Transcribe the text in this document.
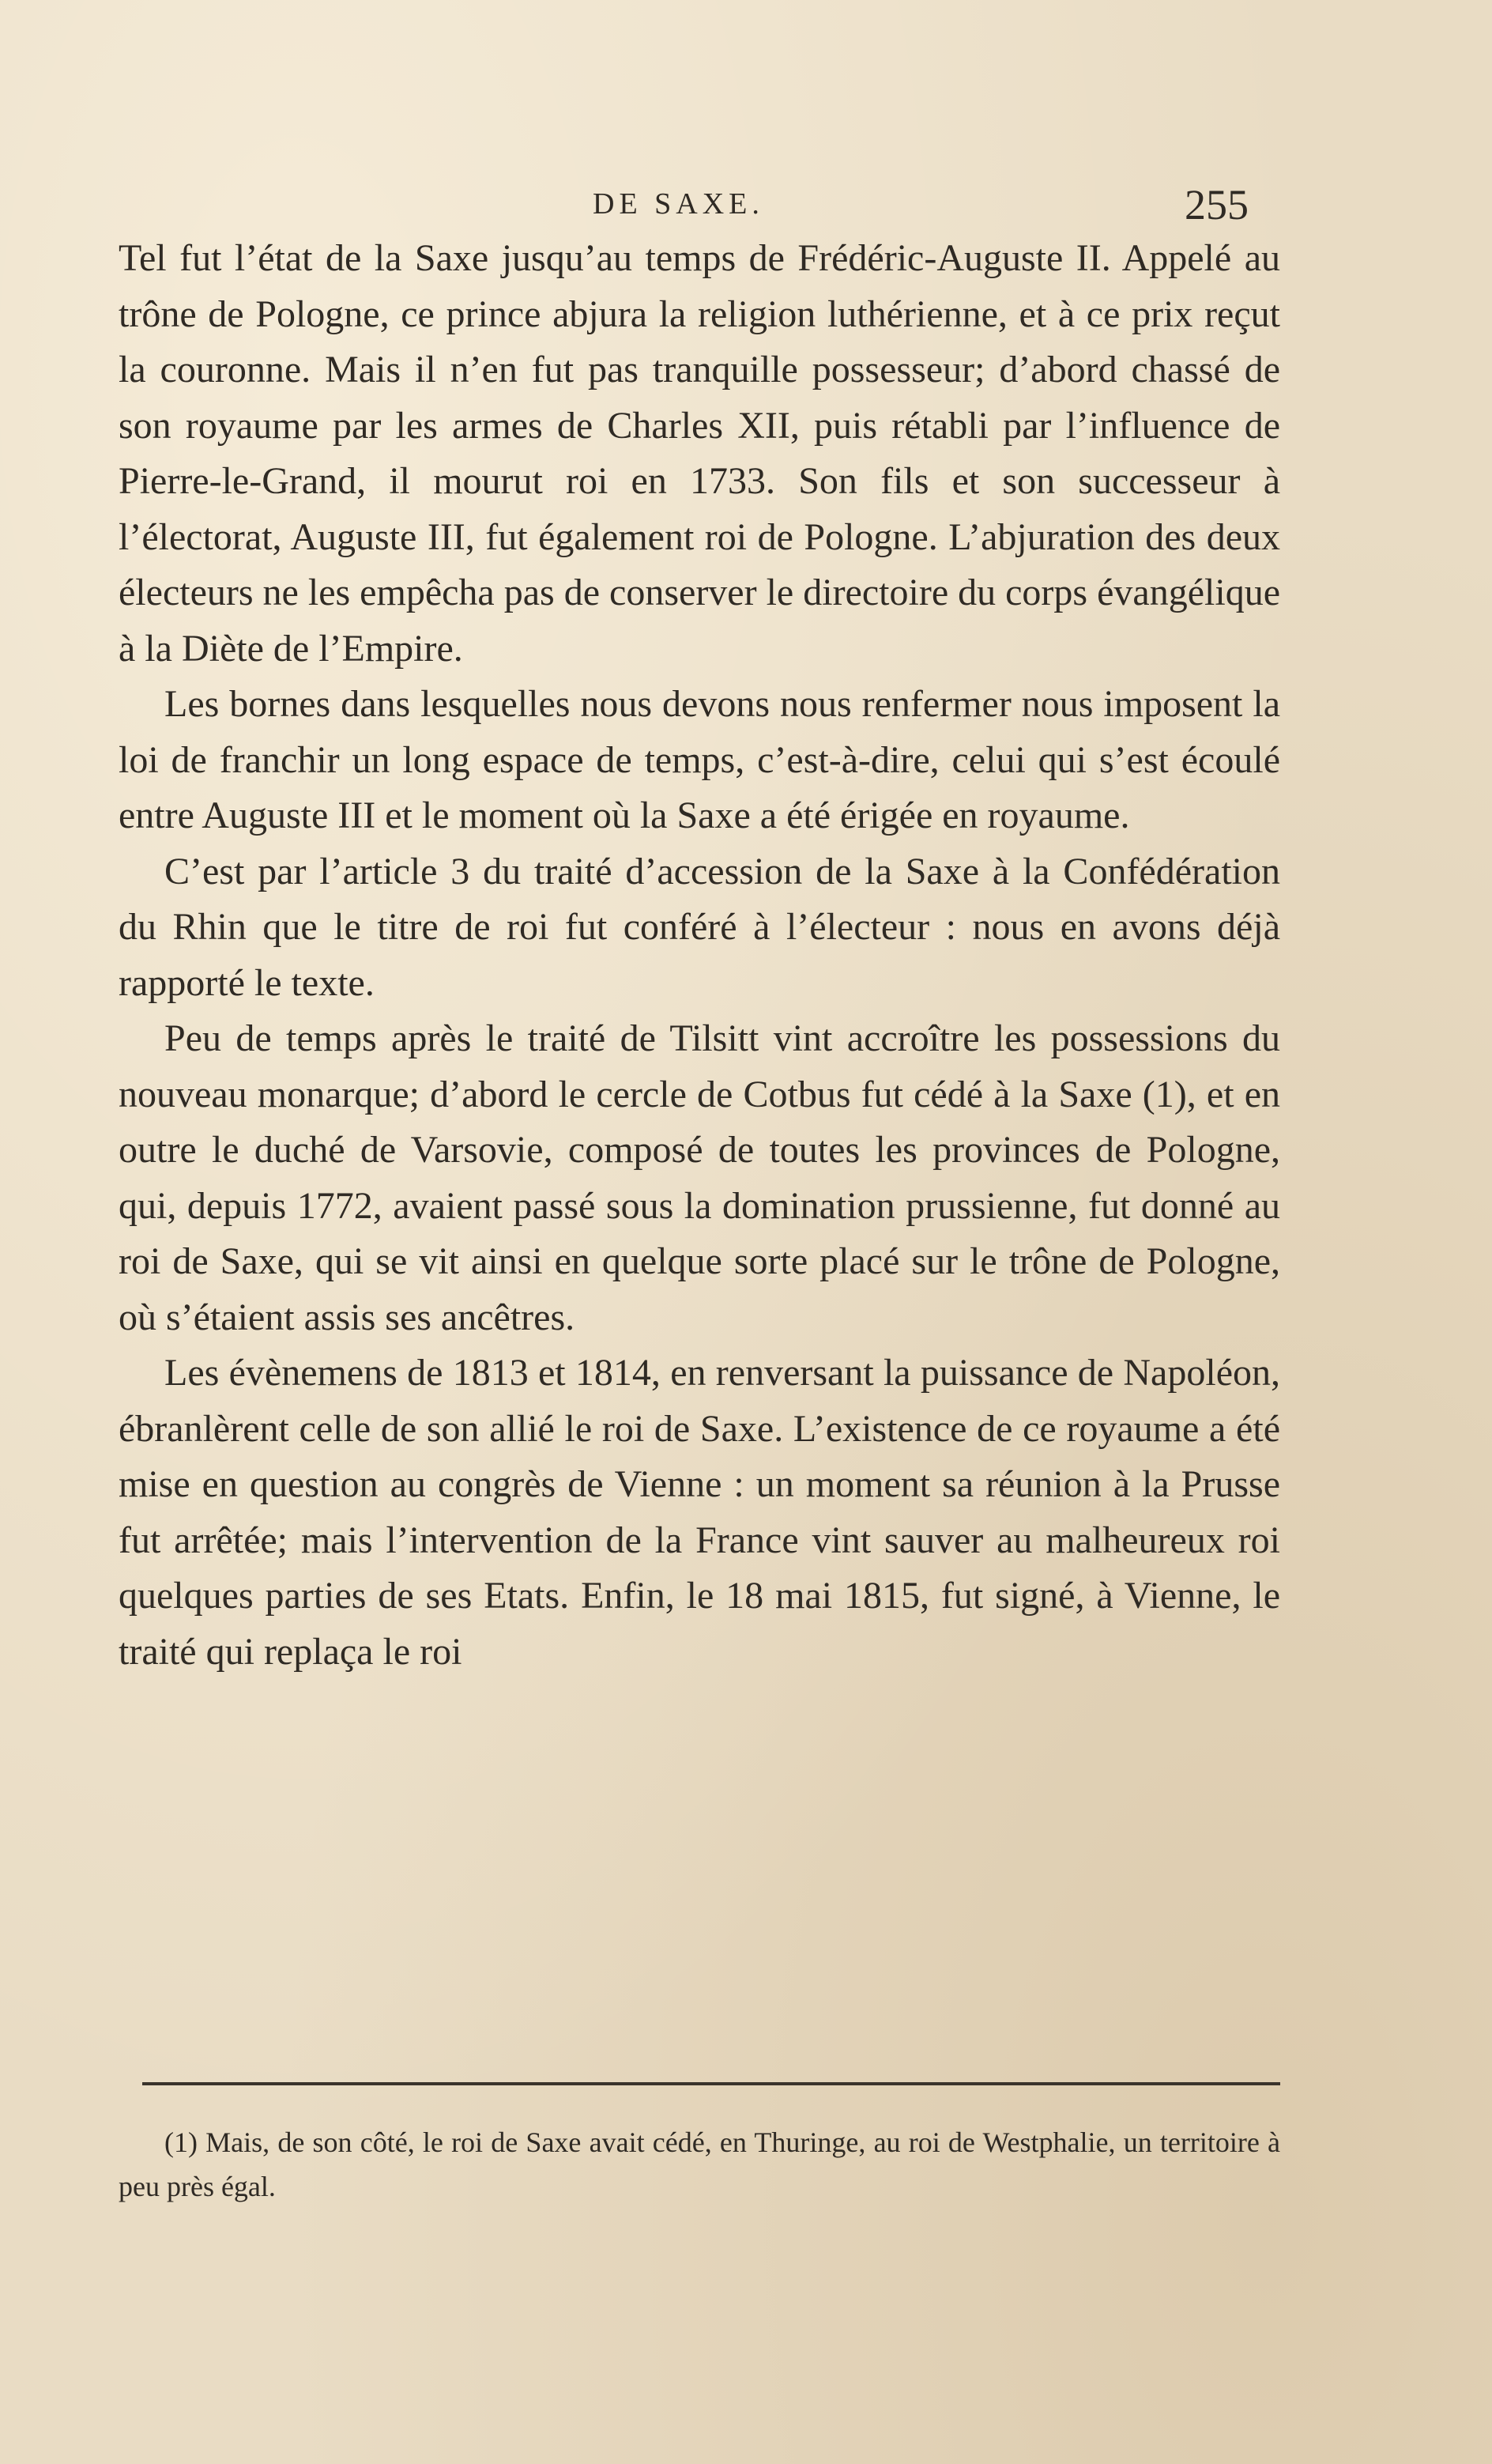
DE SAXE.	255

Tel fut l’état de la Saxe jusqu’au temps de Frédéric-Auguste II. Appelé au trône de Pologne, ce prince abjura la religion luthérienne, et à ce prix reçut la couronne. Mais il n’en fut pas tranquille possesseur; d’abord chassé de son royaume par les armes de Charles XII, puis rétabli par l’influence de Pierre-le-Grand, il mourut roi en 1733. Son fils et son successeur à l’électorat, Auguste III, fut également roi de Pologne. L’abjuration des deux électeurs ne les empêcha pas de conserver le directoire du corps évangélique à la Diète de l’Empire.

Les bornes dans lesquelles nous devons nous renfermer nous imposent la loi de franchir un long espace de temps, c’est-à-dire, celui qui s’est écoulé entre Auguste III et le moment où la Saxe a été érigée en royaume.

C’est par l’article 3 du traité d’accession de la Saxe à la Confédération du Rhin que le titre de roi fut conféré à l’électeur : nous en avons déjà rapporté le texte.

Peu de temps après le traité de Tilsitt vint accroître les possessions du nouveau monarque; d’abord le cercle de Cotbus fut cédé à la Saxe (1), et en outre le duché de Varsovie, composé de toutes les provinces de Pologne, qui, depuis 1772, avaient passé sous la domination prussienne, fut donné au roi de Saxe, qui se vit ainsi en quelque sorte placé sur le trône de Pologne, où s’étaient assis ses ancêtres.

Les évènemens de 1813 et 1814, en renversant la puissance de Napoléon, ébranlèrent celle de son allié le roi de Saxe. L’existence de ce royaume a été mise en question au congrès de Vienne : un moment sa réunion à la Prusse fut arrêtée; mais l’intervention de la France vint sauver au malheureux roi quelques parties de ses Etats. Enfin, le 18 mai 1815, fut signé, à Vienne, le traité qui replaça le roi

(1) Mais, de son côté, le roi de Saxe avait cédé, en Thuringe, au roi de Westphalie, un territoire à peu près égal.
